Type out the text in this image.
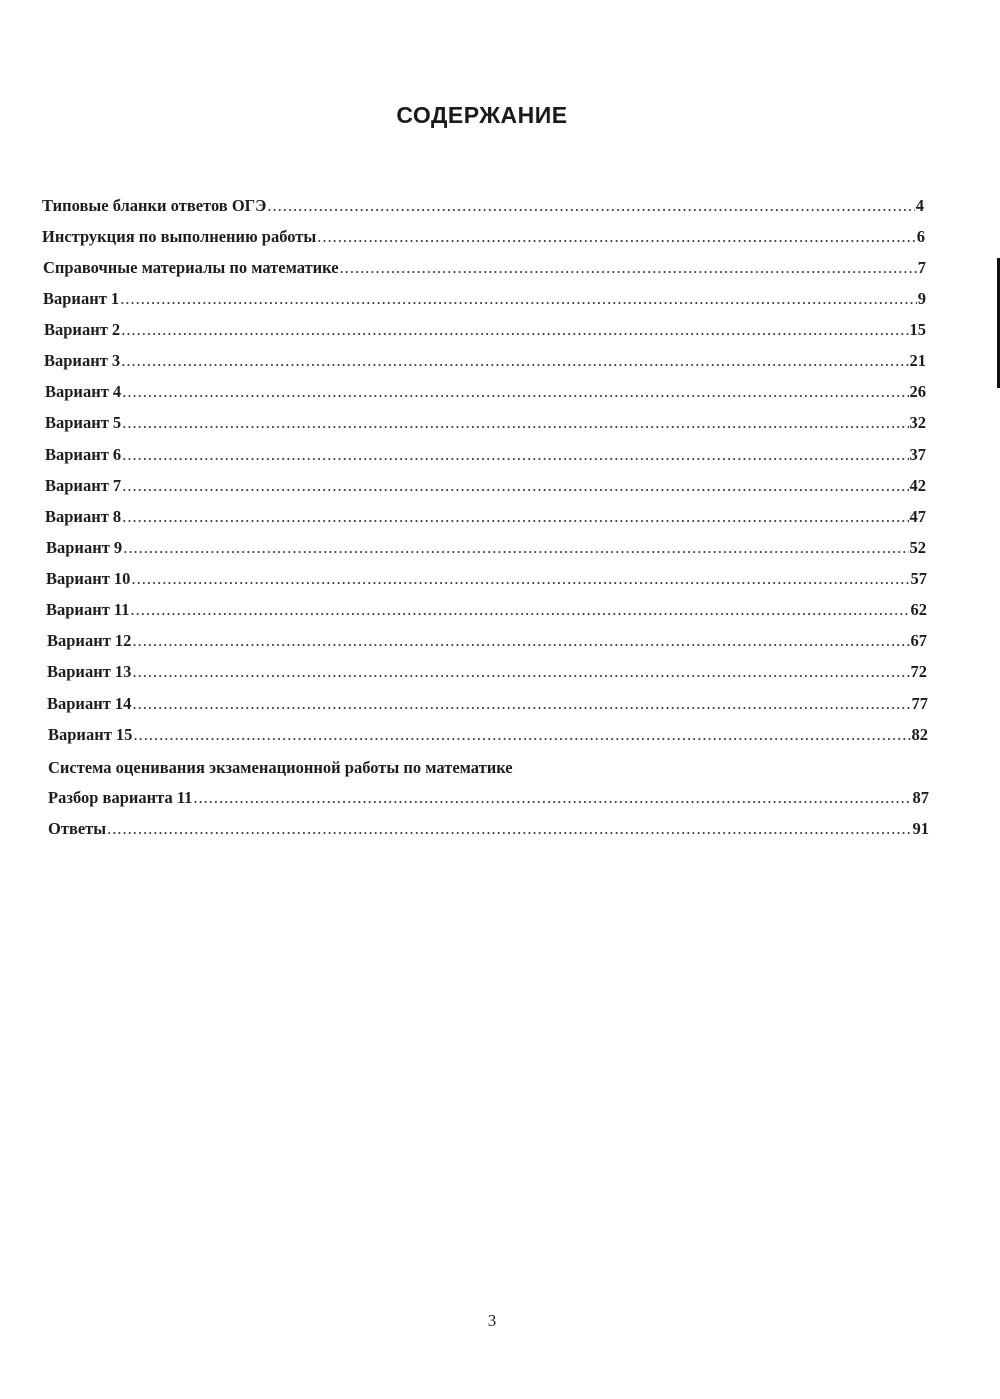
СОДЕРЖАНИЕ
Типовые бланки ответов ОГЭ .....	4
Инструкция по выполнению работы .....	6
Справочные материалы по математике .....	7
Вариант 1 .....	9
Вариант 2 .....	15
Вариант 3 .....	21
Вариант 4 .....	26
Вариант 5 .....	32
Вариант 6 .....	37
Вариант 7 .....	42
Вариант 8 .....	47
Вариант 9 .....	52
Вариант 10 .....	57
Вариант 11 .....	62
Вариант 12 .....	67
Вариант 13 .....	72
Вариант 14 .....	77
Вариант 15 .....	82
Система оценивания экзаменационной работы по математике
Разбор варианта 11 .....	87
Ответы .....	91
3
